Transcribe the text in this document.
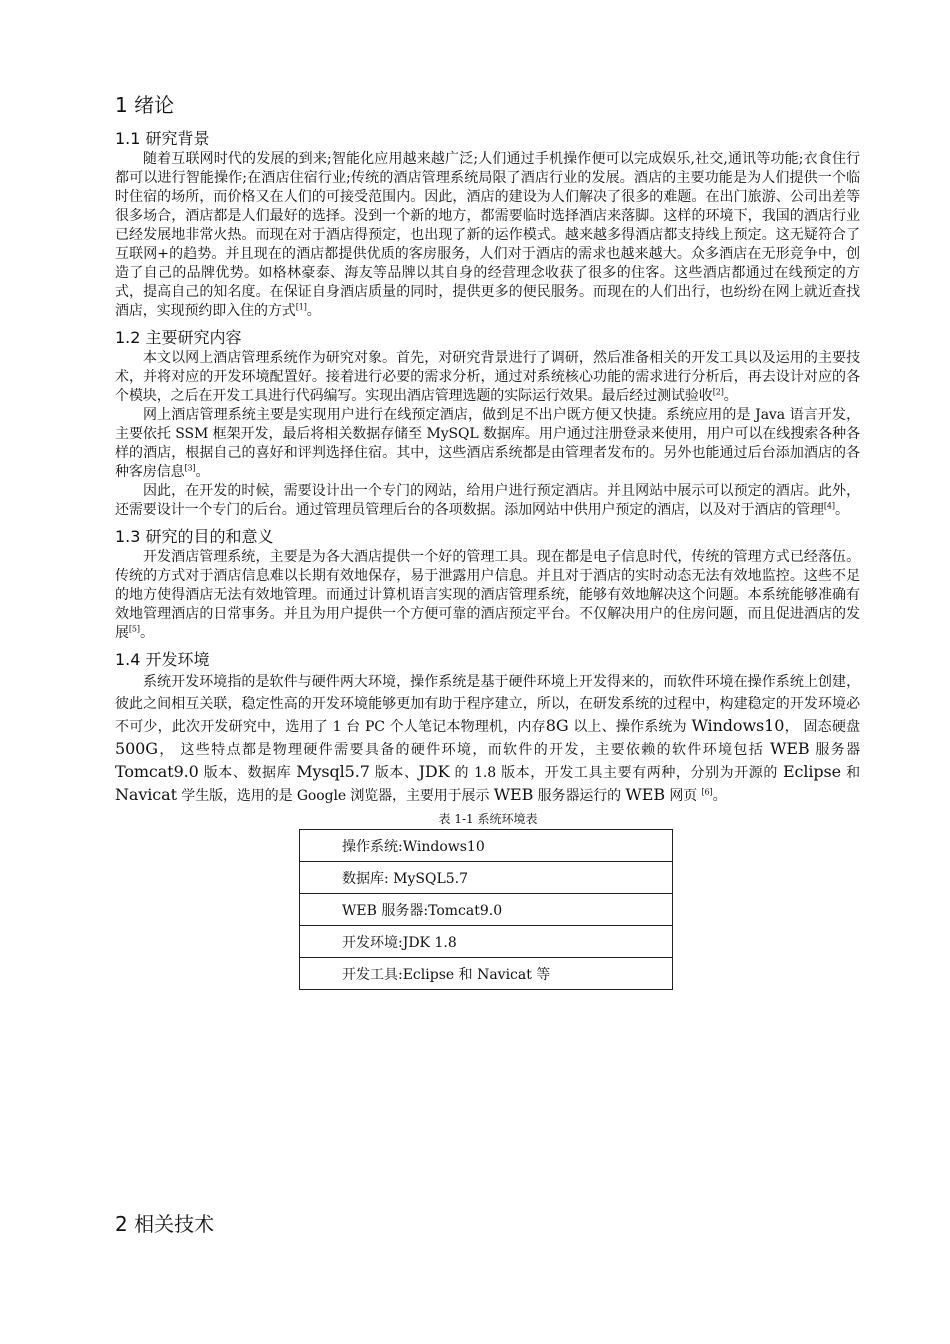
1 绪论
1.1 研究背景

随着互联网时代的发展的到来;智能化应用越来越广泛;人们通过手机操作便可以完成娱乐,社交,通讯等功能;衣食住行都可以进行智能操作;在酒店住宿行业;传统的酒店管理系统局限了酒店行业的发展。酒店的主要功能是为人们提供一个临时住宿的场所，而价格又在人们的可接受范围内。因此，酒店的建设为人们解决了很多的难题。在出门旅游、公司出差等很多场合，酒店都是人们最好的选择。没到一个新的地方，都需要临时选择酒店来落脚。这样的环境下，我国的酒店行业已经发展地非常火热。而现在对于酒店得预定，也出现了新的运作模式。越来越多得酒店都支持线上预定。这无疑符合了互联网+的趋势。并且现在的酒店都提供优质的客房服务，人们对于酒店的需求也越来越大。众多酒店在无形竞争中，创造了自己的品牌优势。如格林豪泰、海友等品牌以其自身的经营理念收获了很多的住客。这些酒店都通过在线预定的方式，提高自己的知名度。在保证自身酒店质量的同时，提供更多的便民服务。而现在的人们出行，也纷纷在网上就近查找酒店，实现预约即入住的方式[1]。

1.2 主要研究内容

本文以网上酒店管理系统作为研究对象。首先，对研究背景进行了调研，然后准备相关的开发工具以及运用的主要技术，并将对应的开发环境配置好。接着进行必要的需求分析，通过对系统核心功能的需求进行分析后，再去设计对应的各个模块，之后在开发工具进行代码编写。实现出酒店管理选题的实际运行效果。最后经过测试验收[2]。

网上酒店管理系统主要是实现用户进行在线预定酒店，做到足不出户既方便又快捷。系统应用的是 Java 语言开发，主要依托 SSM 框架开发，最后将相关数据存储至 MySQL 数据库。用户通过注册登录来使用，用户可以在线搜索各种各样的酒店，根据自己的喜好和评判选择住宿。其中，这些酒店系统都是由管理者发布的。另外也能通过后台添加酒店的各种客房信息[3]。

因此，在开发的时候，需要设计出一个专门的网站，给用户进行预定酒店。并且网站中展示可以预定的酒店。此外，还需要设计一个专门的后台。通过管理员管理后台的各项数据。添加网站中供用户预定的酒店，以及对于酒店的管理[4]。

1.3 研究的目的和意义

开发酒店管理系统，主要是为各大酒店提供一个好的管理工具。现在都是电子信息时代，传统的管理方式已经落伍。传统的方式对于酒店信息难以长期有效地保存，易于泄露用户信息。并且对于酒店的实时动态无法有效地监控。这些不足的地方使得酒店无法有效地管理。而通过计算机语言实现的酒店管理系统，能够有效地解决这个问题。本系统能够准确有效地管理酒店的日常事务。并且为用户提供一个方便可靠的酒店预定平台。不仅解决用户的住房问题，而且促进酒店的发展[5]。

1.4 开发环境

系统开发环境指的是软件与硬件两大环境，操作系统是基于硬件环境上开发得来的，而软件环境在操作系统上创建，彼此之间相互关联，稳定性高的开发环境能够更加有助于程序建立，所以，在研发系统的过程中，构建稳定的开发环境必不可少，此次开发研究中，选用了 1 台 PC 个人笔记本物理机，内存8G 以上、操作系统为 Windows10， 固态硬盘500G， 这些特点都是物理硬件需要具备的硬件环境，而软件的开发，主要依赖的软件环境包括 WEB 服务器 Tomcat9.0 版本、数据库 Mysql5.7 版本、JDK 的 1.8 版本，开发工具主要有两种，分别为开源的 Eclipse 和 Navicat 学生版，选用的是 Google 浏览器，主要用于展示 WEB 服务器运行的 WEB 网页 [6]。

表 1-1 系统环境表
操作系统:Windows10
数据库: MySQL5.7
WEB 服务器:Tomcat9.0
开发环境:JDK 1.8
开发工具:Eclipse 和 Navicat 等
2 相关技术
